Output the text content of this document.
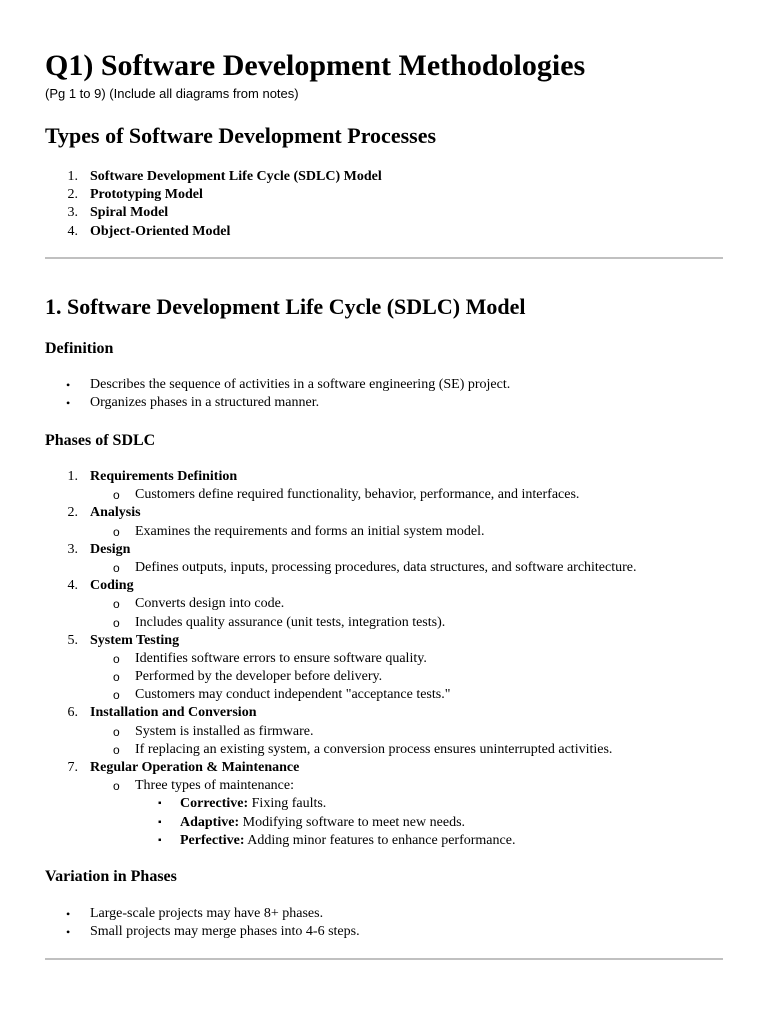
Q1) Software Development Methodologies
(Pg 1 to 9) (Include all diagrams from notes)
Types of Software Development Processes
1. Software Development Life Cycle (SDLC) Model
2. Prototyping Model
3. Spiral Model
4. Object-Oriented Model
1. Software Development Life Cycle (SDLC) Model
Definition
• Describes the sequence of activities in a software engineering (SE) project.
• Organizes phases in a structured manner.
Phases of SDLC
1. Requirements Definition
o Customers define required functionality, behavior, performance, and interfaces.
2. Analysis
o Examines the requirements and forms an initial system model.
3. Design
o Defines outputs, inputs, processing procedures, data structures, and software architecture.
4. Coding
o Converts design into code.
o Includes quality assurance (unit tests, integration tests).
5. System Testing
o Identifies software errors to ensure software quality.
o Performed by the developer before delivery.
o Customers may conduct independent "acceptance tests."
6. Installation and Conversion
o System is installed as firmware.
o If replacing an existing system, a conversion process ensures uninterrupted activities.
7. Regular Operation & Maintenance
o Three types of maintenance:
▪ Corrective: Fixing faults.
▪ Adaptive: Modifying software to meet new needs.
▪ Perfective: Adding minor features to enhance performance.
Variation in Phases
• Large-scale projects may have 8+ phases.
• Small projects may merge phases into 4-6 steps.
